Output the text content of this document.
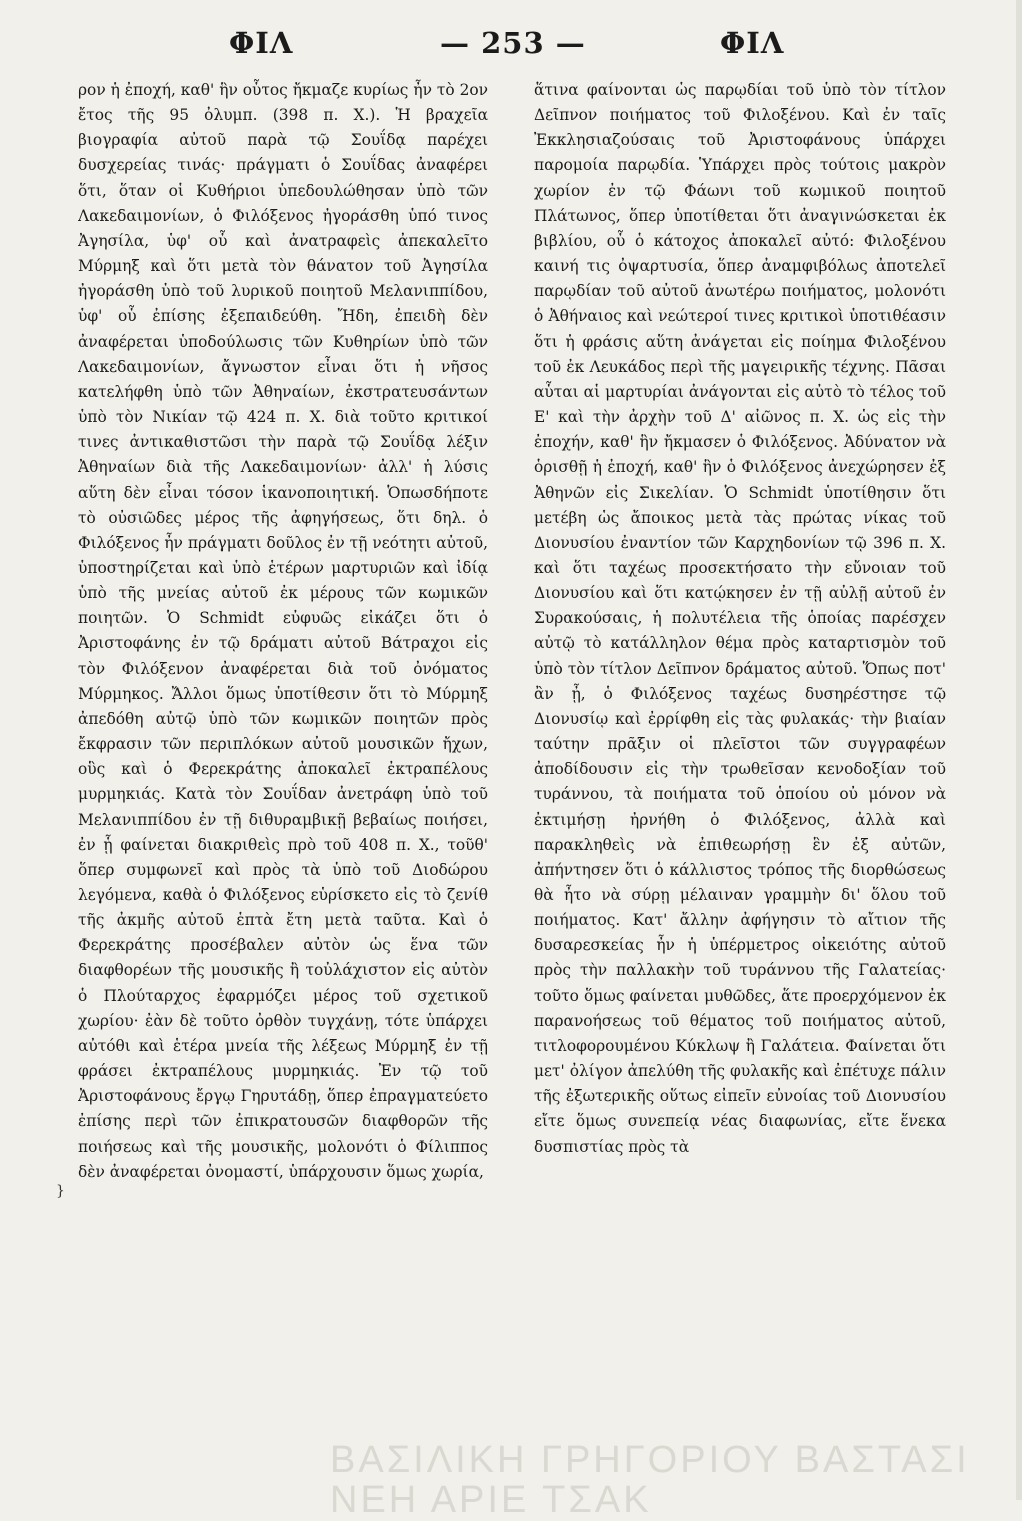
ΦΙΛ	— 253 —	ΦΙΛ

ρον ἡ ἐποχή, καθ' ἣν οὗτος ἤκμαζε κυρίως ἦν τὸ 2ον ἔτος τῆς 95 ὀλυμπ. (398 π. Χ.). Ἡ βραχεῖα βιογραφία αὐτοῦ παρὰ τῷ Σουΐδᾳ παρέχει δυσχερείας τινάς· πράγματι ὁ Σουΐδας ἀναφέρει ὅτι, ὅταν οἱ Κυθήριοι ὑπεδουλώθησαν ὑπὸ τῶν Λακεδαιμονίων, ὁ Φιλόξενος ἠγοράσθη ὑπό τινος Ἀγησίλα, ὑφ' οὗ καὶ ἀνατραφεὶς ἀπεκαλεῖτο Μύρμηξ καὶ ὅτι μετὰ τὸν θάνατον τοῦ Ἀγησίλα ἠγοράσθη ὑπὸ τοῦ λυρικοῦ ποιητοῦ Μελανιππίδου, ὑφ' οὗ ἐπίσης ἐξεπαιδεύθη. Ἤδη, ἐπειδὴ δὲν ἀναφέρεται ὑποδούλωσις τῶν Κυθηρίων ὑπὸ τῶν Λακεδαιμονίων, ἄγνωστον εἶναι ὅτι ἡ νῆσος κατελήφθη ὑπὸ τῶν Ἀθηναίων, ἐκστρατευσάντων ὑπὸ τὸν Νικίαν τῷ 424 π. Χ. διὰ τοῦτο κριτικοί τινες ἀντικαθιστῶσι τὴν παρὰ τῷ Σουΐδᾳ λέξιν Ἀθηναίων διὰ τῆς Λακεδαιμονίων· ἀλλ' ἡ λύσις αὕτη δὲν εἶναι τόσον ἱκανοποιητική. Ὁπωσδήποτε τὸ οὐσιῶδες μέρος τῆς ἀφηγήσεως, ὅτι δηλ. ὁ Φιλόξενος ἦν πράγματι δοῦλος ἐν τῇ νεότητι αὐτοῦ, ὑποστηρίζεται καὶ ὑπὸ ἑτέρων μαρτυριῶν καὶ ἰδίᾳ ὑπὸ τῆς μνείας αὐτοῦ ἐκ μέρους τῶν κωμικῶν ποιητῶν. Ὁ Schmidt εὐφυῶς εἰκάζει ὅτι ὁ Ἀριστοφάνης ἐν τῷ δράματι αὐτοῦ Βάτραχοι εἰς τὸν Φιλόξενον ἀναφέρεται διὰ τοῦ ὀνόματος Μύρμηκος. Ἄλλοι ὅμως ὑποτίθεσιν ὅτι τὸ Μύρμηξ ἀπεδόθη αὐτῷ ὑπὸ τῶν κωμικῶν ποιητῶν πρὸς ἔκφρασιν τῶν περιπλόκων αὐτοῦ μουσικῶν ἤχων, οὓς καὶ ὁ Φερεκράτης ἀποκαλεῖ ἐκτραπέλους μυρμηκιάς. Κατὰ τὸν Σουΐδαν ἀνετράφη ὑπὸ τοῦ Μελανιππίδου ἐν τῇ διθυραμβικῇ βεβαίως ποιήσει, ἐν ᾗ φαίνεται διακριθεὶς πρὸ τοῦ 408 π. Χ., τοῦθ' ὅπερ συμφωνεῖ καὶ πρὸς τὰ ὑπὸ τοῦ Διοδώρου λεγόμενα, καθὰ ὁ Φιλόξενος εὑρίσκετο εἰς τὸ ζενίθ τῆς ἀκμῆς αὐτοῦ ἑπτὰ ἔτη μετὰ ταῦτα. Καὶ ὁ Φερεκράτης προσέβαλεν αὐτὸν ὡς ἕνα τῶν διαφθορέων τῆς μουσικῆς ἢ τοὐλάχιστον εἰς αὐτὸν ὁ Πλούταρχος ἐφαρμόζει μέρος τοῦ σχετικοῦ χωρίου· ἐὰν δὲ τοῦτο ὀρθὸν τυγχάνῃ, τότε ὑπάρχει αὐτόθι καὶ ἑτέρα μνεία τῆς λέξεως Μύρμηξ ἐν τῇ φράσει ἐκτραπέλους μυρμηκιάς. Ἐν τῷ τοῦ Ἀριστοφάνους ἔργῳ Γηρυτάδῃ, ὅπερ ἐπραγματεύετο ἐπίσης περὶ τῶν ἐπικρατουσῶν διαφθορῶν τῆς ποιήσεως καὶ τῆς μουσικῆς, μολονότι ὁ Φίλιππος δὲν ἀναφέρεται ὀνομαστί, ὑπάρχουσιν ὅμως χωρία,

ἅτινα φαίνονται ὡς παρῳδίαι τοῦ ὑπὸ τὸν τίτλον Δεῖπνον ποιήματος τοῦ Φιλοξένου. Καὶ ἐν ταῖς Ἐκκλησιαζούσαις τοῦ Ἀριστοφάνους ὑπάρχει παρομοία παρῳδία. Ὑπάρχει πρὸς τούτοις μακρὸν χωρίον ἐν τῷ Φάωνι τοῦ κωμικοῦ ποιητοῦ Πλάτωνος, ὅπερ ὑποτίθεται ὅτι ἀναγινώσκεται ἐκ βιβλίου, οὗ ὁ κάτοχος ἀποκαλεῖ αὐτό: Φιλοξένου καινή τις ὀψαρτυσία, ὅπερ ἀναμφιβόλως ἀποτελεῖ παρῳδίαν τοῦ αὐτοῦ ἀνωτέρω ποιήματος, μολονότι ὁ Ἀθήναιος καὶ νεώτεροί τινες κριτικοὶ ὑποτιθέασιν ὅτι ἡ φράσις αὕτη ἀνάγεται εἰς ποίημα Φιλοξένου τοῦ ἐκ Λευκάδος περὶ τῆς μαγειρικῆς τέχνης. Πᾶσαι αὗται αἱ μαρτυρίαι ἀνάγονται εἰς αὐτὸ τὸ τέλος τοῦ Ε' καὶ τὴν ἀρχὴν τοῦ Δ' αἰῶνος π. Χ. ὡς εἰς τὴν ἐποχήν, καθ' ἣν ἤκμασεν ὁ Φιλόξενος. Ἀδύνατον νὰ ὁρισθῇ ἡ ἐποχή, καθ' ἣν ὁ Φιλόξενος ἀνεχώρησεν ἐξ Ἀθηνῶν εἰς Σικελίαν. Ὁ Schmidt ὑποτίθησιν ὅτι μετέβη ὡς ἄποικος μετὰ τὰς πρώτας νίκας τοῦ Διονυσίου ἐναντίον τῶν Καρχηδονίων τῷ 396 π. Χ. καὶ ὅτι ταχέως προσεκτήσατο τὴν εὔνοιαν τοῦ Διονυσίου καὶ ὅτι κατῴκησεν ἐν τῇ αὐλῇ αὐτοῦ ἐν Συρακούσαις, ἡ πολυτέλεια τῆς ὁποίας παρέσχεν αὐτῷ τὸ κατάλληλον θέμα πρὸς καταρτισμὸν τοῦ ὑπὸ τὸν τίτλον Δεῖπνον δράματος αὐτοῦ. Ὅπως ποτ' ἂν ᾖ, ὁ Φιλόξενος ταχέως δυσηρέστησε τῷ Διονυσίῳ καὶ ἐρρίφθη εἰς τὰς φυλακάς· τὴν βιαίαν ταύτην πρᾶξιν οἱ πλεῖστοι τῶν συγγραφέων ἀποδίδουσιν εἰς τὴν τρωθεῖσαν κενοδοξίαν τοῦ τυράννου, τὰ ποιήματα τοῦ ὁποίου οὐ μόνον νὰ ἐκτιμήσῃ ἠρνήθη ὁ Φιλόξενος, ἀλλὰ καὶ παρακληθεὶς νὰ ἐπιθεωρήσῃ ἓν ἐξ αὐτῶν, ἀπήντησεν ὅτι ὁ κάλλιστος τρόπος τῆς διορθώσεως θὰ ἦτο νὰ σύρῃ μέλαιναν γραμμὴν δι' ὅλου τοῦ ποιήματος. Κατ' ἄλλην ἀφήγησιν τὸ αἴτιον τῆς δυσαρεσκείας ἦν ἡ ὑπέρμετρος οἰκειότης αὐτοῦ πρὸς τὴν παλλακὴν τοῦ τυράννου τῆς Γαλατείας· τοῦτο ὅμως φαίνεται μυθῶδες, ἅτε προερχόμενον ἐκ παρανοήσεως τοῦ θέματος τοῦ ποιήματος αὐτοῦ, τιτλοφορουμένου Κύκλωψ ἢ Γαλάτεια. Φαίνεται ὅτι μετ' ὀλίγον ἀπελύθη τῆς φυλακῆς καὶ ἐπέτυχε πάλιν τῆς ἐξωτερικῆς οὕτως εἰπεῖν εὐνοίας τοῦ Διονυσίου εἴτε ὅμως συνεπείᾳ νέας διαφωνίας, εἴτε ἕνεκα δυσπιστίας πρὸς τὰ

}
ΒΑΣΙΛΙΚΗ ΓΡΗΓΟΡΙΟΥ ΒΑΣΤΑΣΙ ΝΕΗ ΑΡΙΕ ΤΣΑΚ
